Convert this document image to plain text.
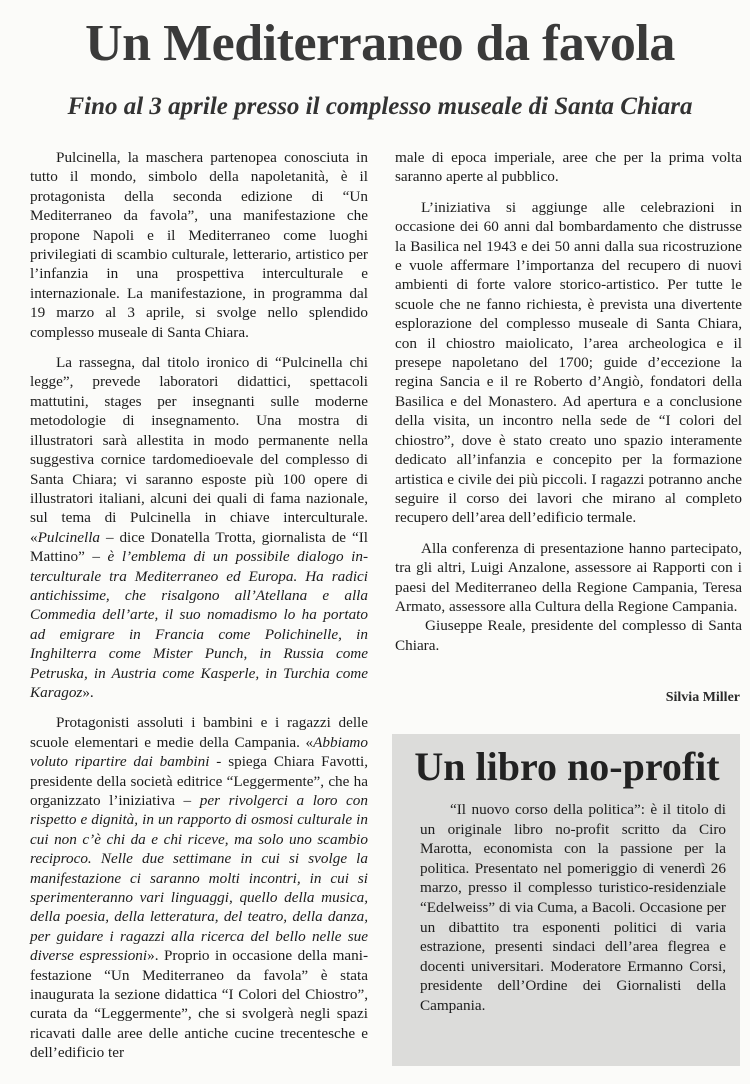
Un Mediterraneo da favola
Fino al 3 aprile presso il complesso museale di Santa Chiara

Pulcinella, la maschera partenopea conosciuta in tutto il mondo, simbolo della napoletanità, è il protagonista della seconda edizione di “Un Mediterraneo da favola”, una manifestazione che propone Napoli e il Mediterraneo come luoghi privilegiati di scambio culturale, letterario, artistico per l’infanzia in una prospettiva interculturale e internazionale. La manifestazione, in programma dal 19 marzo al 3 aprile, si svolge nello splendido complesso museale di Santa Chiara.

La rassegna, dal titolo ironico di “Pulcinella chi legge”, prevede laboratori didattici, spettacoli mattutini, stages per insegnanti sulle moderne metodologie di insegnamento. Una mostra di illustratori sarà allestita in modo permanente nella suggestiva cornice tardomedioevale del complesso di Santa Chiara; vi saranno esposte più 100 opere di illustratori italiani, alcuni dei quali di fama nazionale, sul tema di Pulcinella in chiave interculturale. «Pulcinella – dice Donatella Trotta, giornalista de “Il Mattino” – è l’emblema di un possibile dialogo interculturale tra Mediterraneo ed Europa. Ha radici antichissime, che risalgono all’Atellana e alla Commedia dell’arte, il suo nomadismo lo ha portato ad emigrare in Francia come Polichinelle, in Inghilterra come Mister Punch, in Russia come Petruska, in Austria come Kasperle, in Turchia come Karagoz».

Protagonisti assoluti i bambini e i ragazzi delle scuole elementari e medie della Campania. «Abbiamo voluto ripartire dai bambini - spiega Chiara Favotti, presidente della società editrice “Leggermente”, che ha organizzato l’iniziativa – per rivolgerci a loro con rispetto e dignità, in un rapporto di osmosi culturale in cui non c’è chi da e chi riceve, ma solo uno scambio reciproco. Nelle due settimane in cui si svolge la manifestazione ci saranno molti incontri, in cui si sperimenteranno vari linguaggi, quello della musica, della poesia, della letteratura, del teatro, della danza, per guidare i ragazzi alla ricerca del bello nelle sue diverse espressioni». Proprio in occasione della manifestazione “Un Mediterraneo da favola” è stata inaugurata la sezione didattica “I Colori del Chiostro”, curata da “Leggermente”, che si svolgerà negli spazi ricavati dalle aree delle antiche cucine trecentesche e dell’edificio ter

male di epoca imperiale, aree che per la prima volta saranno aperte al pubblico.

L’iniziativa si aggiunge alle celebrazioni in occasione dei 60 anni dal bombardamento che distrusse la Basilica nel 1943 e dei 50 anni dalla sua ricostruzione e vuole affermare l’importanza del recupero di nuovi ambienti di forte valore storico-artistico. Per tutte le scuole che ne fanno richiesta, è prevista una divertente esplorazione del complesso museale di Santa Chiara, con il chiostro maiolicato, l’area archeologica e il presepe napoletano del 1700; guide d’eccezione la regina Sancia e il re Roberto d’Angiò, fondatori della Basilica e del Monastero. Ad apertura e a conclusione della visita, un incontro nella sede de “I colori del chiostro”, dove è stato creato uno spazio interamente dedicato all’infanzia e concepito per la formazione artistica e civile dei più piccoli. I ragazzi potranno anche seguire il corso dei lavori che mirano al completo recupero dell’area dell’edificio termale.

Alla conferenza di presentazione hanno partecipato, tra gli altri, Luigi Anzalone, assessore ai Rapporti con i paesi del Mediterraneo della Regione Campania, Teresa Armato, assessore alla Cultura della Regione Campania.

Giuseppe Reale, presidente del complesso di Santa Chiara.

Silvia Miller
Un libro no-profit

“Il nuovo corso della politica”: è il titolo di un originale libro no-profit scritto da Ciro Marotta, economista con la passione per la politica. Presentato nel pomeriggio di venerdì 26 marzo, presso il complesso turistico-residenziale “Edelweiss” di via Cuma, a Bacoli. Occasione per un dibattito tra esponenti politici di varia estrazione, presenti sindaci dell’area flegrea e docenti universitari. Moderatore Ermanno Corsi, presidente dell’Ordine dei Giornalisti della Campania.
